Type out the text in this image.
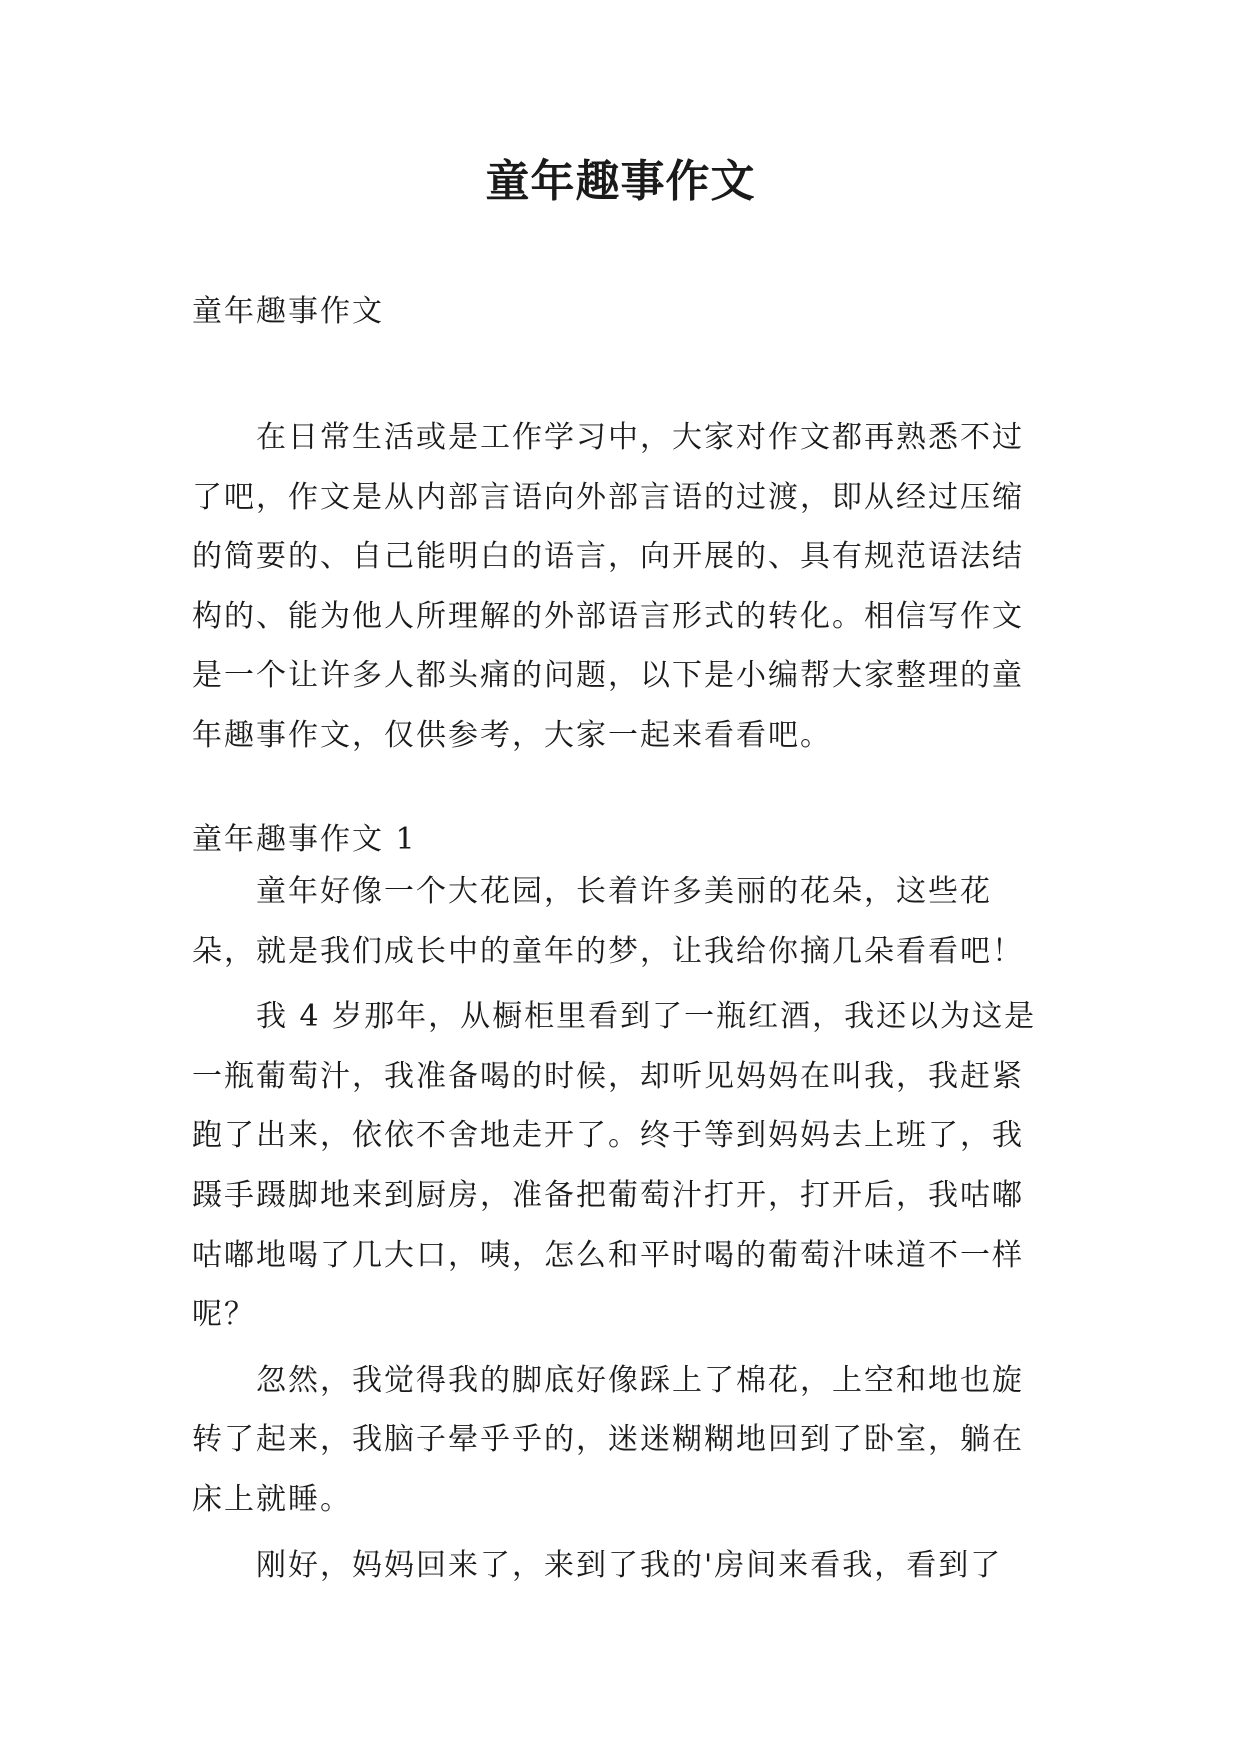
童年趣事作文

童年趣事作文

在日常生活或是工作学习中，大家对作文都再熟悉不过了吧，作文是从内部言语向外部言语的过渡，即从经过压缩的简要的、自己能明白的语言，向开展的、具有规范语法结构的、能为他人所理解的外部语言形式的转化。相信写作文是一个让许多人都头痛的问题，以下是小编帮大家整理的童年趣事作文，仅供参考，大家一起来看看吧。

童年趣事作文 1

童年好像一个大花园，长着许多美丽的花朵，这些花朵，就是我们成长中的童年的梦，让我给你摘几朵看看吧！

我 4 岁那年，从橱柜里看到了一瓶红酒，我还以为这是一瓶葡萄汁，我准备喝的时候，却听见妈妈在叫我，我赶紧跑了出来，依依不舍地走开了。终于等到妈妈去上班了，我蹑手蹑脚地来到厨房，准备把葡萄汁打开，打开后，我咕嘟咕嘟地喝了几大口，咦，怎么和平时喝的葡萄汁味道不一样呢？

忽然，我觉得我的脚底好像踩上了棉花，上空和地也旋转了起来，我脑子晕乎乎的，迷迷糊糊地回到了卧室，躺在床上就睡。

刚好，妈妈回来了，来到了我的'房间来看我，看到了
